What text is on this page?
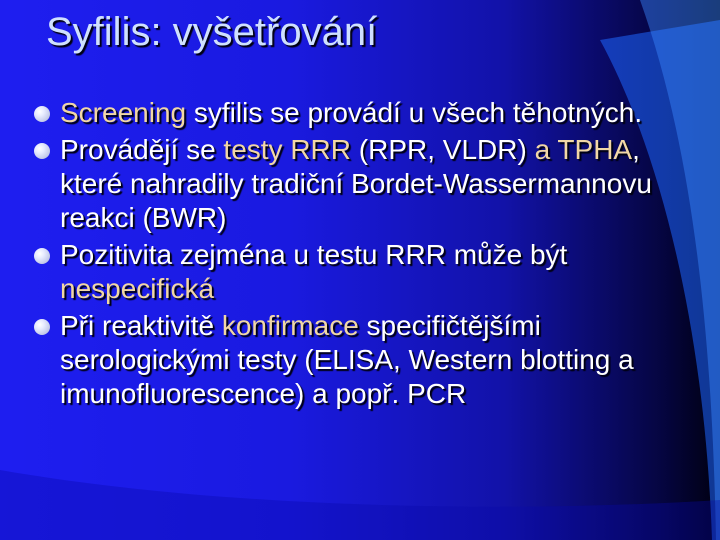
Syfilis: vyšetřování
Screening syfilis se provádí u všech těhotných.
Provádějí se testy RRR (RPR, VLDR) a TPHA, které nahradily tradiční Bordet-Wassermannovu reakci (BWR)
Pozitivita zejména u testu RRR může být nespecifická
Při reaktivitě konfirmace specifičtějšími serologickými testy (ELISA, Western blotting a imunofluorescence) a popř. PCR
